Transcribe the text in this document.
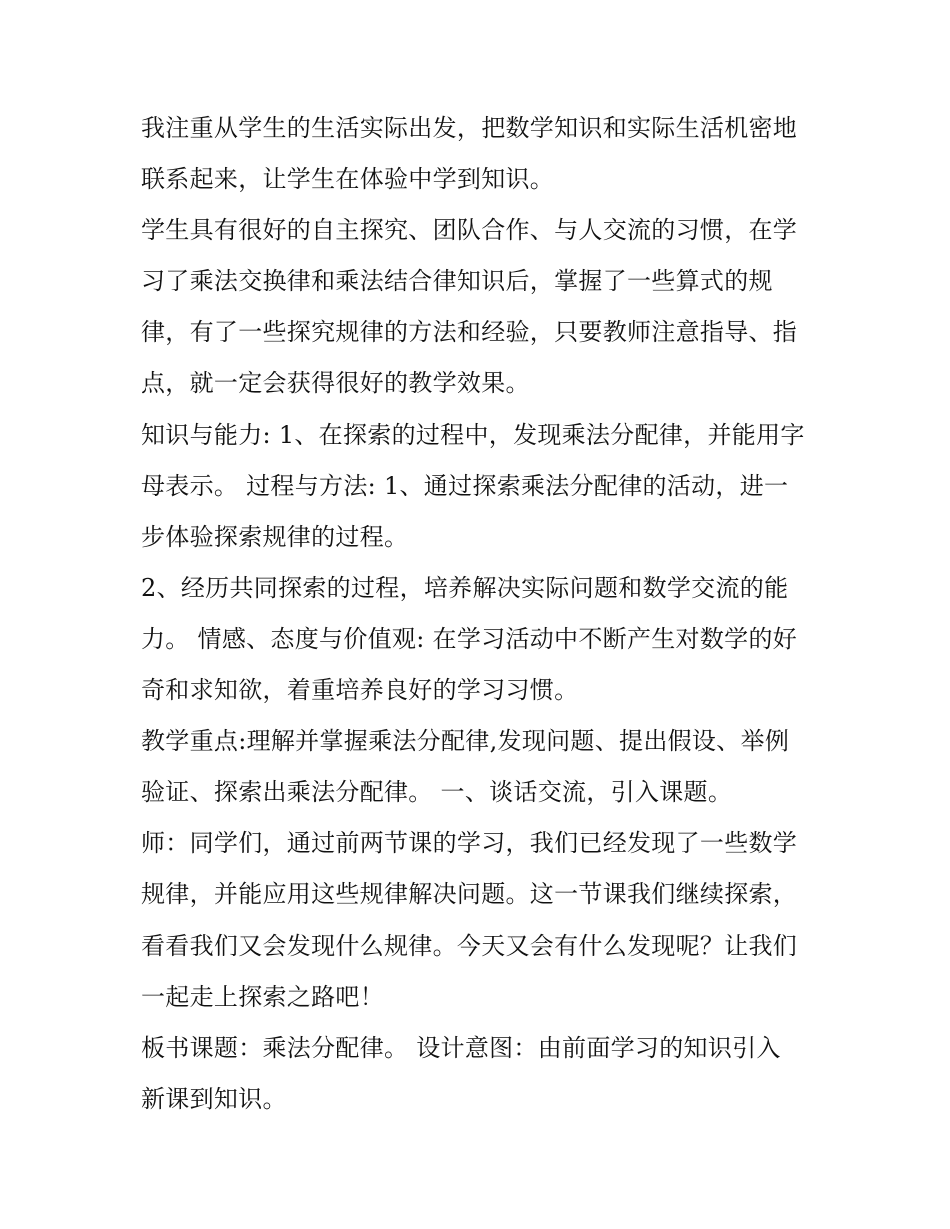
我注重从学生的生活实际出发，把数学知识和实际生活机密地
联系起来，让学生在体验中学到知识。

学生具有很好的自主探究、团队合作、与人交流的习惯，在学
习了乘法交换律和乘法结合律知识后，掌握了一些算式的规
律，有了一些探究规律的方法和经验，只要教师注意指导、指
点，就一定会获得很好的教学效果。

知识与能力: 1、在探索的过程中，发现乘法分配律，并能用字
母表示。 过程与方法: 1、通过探索乘法分配律的活动，进一
步体验探索规律的过程。

2、经历共同探索的过程，培养解决实际问题和数学交流的能
力。 情感、态度与价值观: 在学习活动中不断产生对数学的好
奇和求知欲，着重培养良好的学习习惯。

教学重点:理解并掌握乘法分配律,发现问题、提出假设、举例
验证、探索出乘法分配律。 一、谈话交流，引入课题。

师：同学们，通过前两节课的学习，我们已经发现了一些数学
规律，并能应用这些规律解决问题。这一节课我们继续探索，
看看我们又会发现什么规律。今天又会有什么发现呢？让我们
一起走上探索之路吧！

板书课题：乘法分配律。 设计意图：由前面学习的知识引入
新课到知识。
